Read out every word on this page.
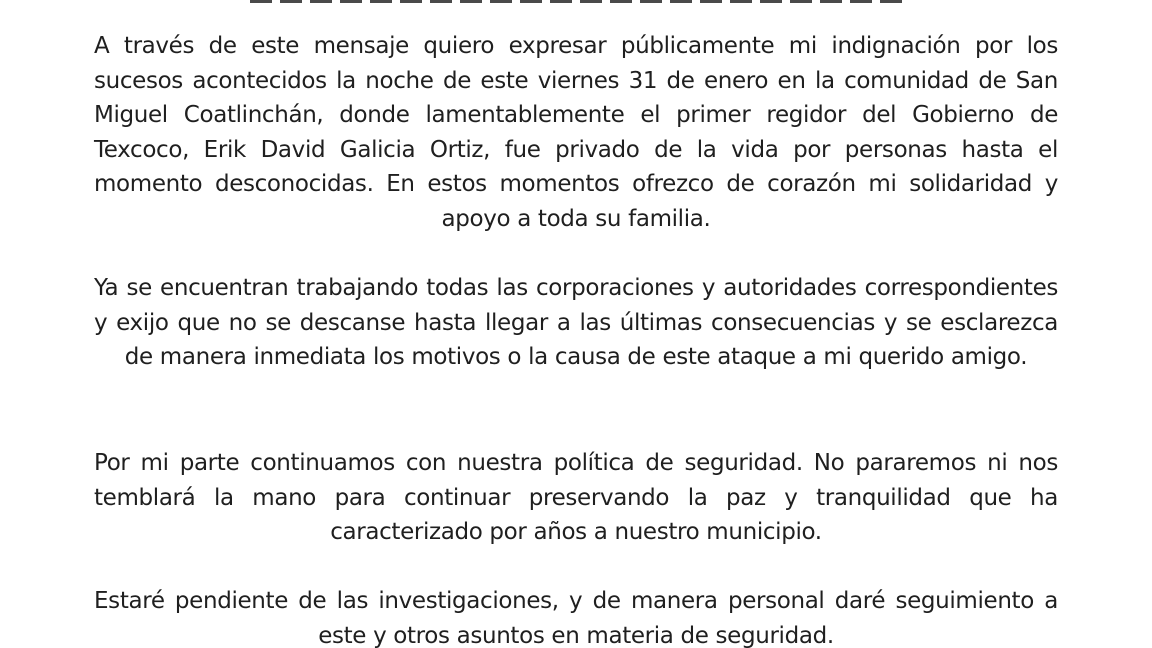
A través de este mensaje quiero expresar públicamente mi indignación por los sucesos acontecidos la noche de este viernes 31 de enero en la comunidad de San Miguel Coatlinchán, donde lamentablemente el primer regidor del Gobierno de Texcoco, Erik David Galicia Ortiz, fue privado de la vida por personas hasta el momento desconocidas. En estos momentos ofrezco de corazón mi solidaridad y apoyo a toda su familia.

Ya se encuentran trabajando todas las corporaciones y autoridades correspondientes y exijo que no se descanse hasta llegar a las últimas consecuencias y se esclarezca de manera inmediata los motivos o la causa de este ataque a mi querido amigo.

Por mi parte continuamos con nuestra política de seguridad. No pararemos ni nos temblará la mano para continuar preservando la paz y tranquilidad que ha caracterizado por años a nuestro municipio.

Estaré pendiente de las investigaciones, y de manera personal daré seguimiento a este y otros asuntos en materia de seguridad.
